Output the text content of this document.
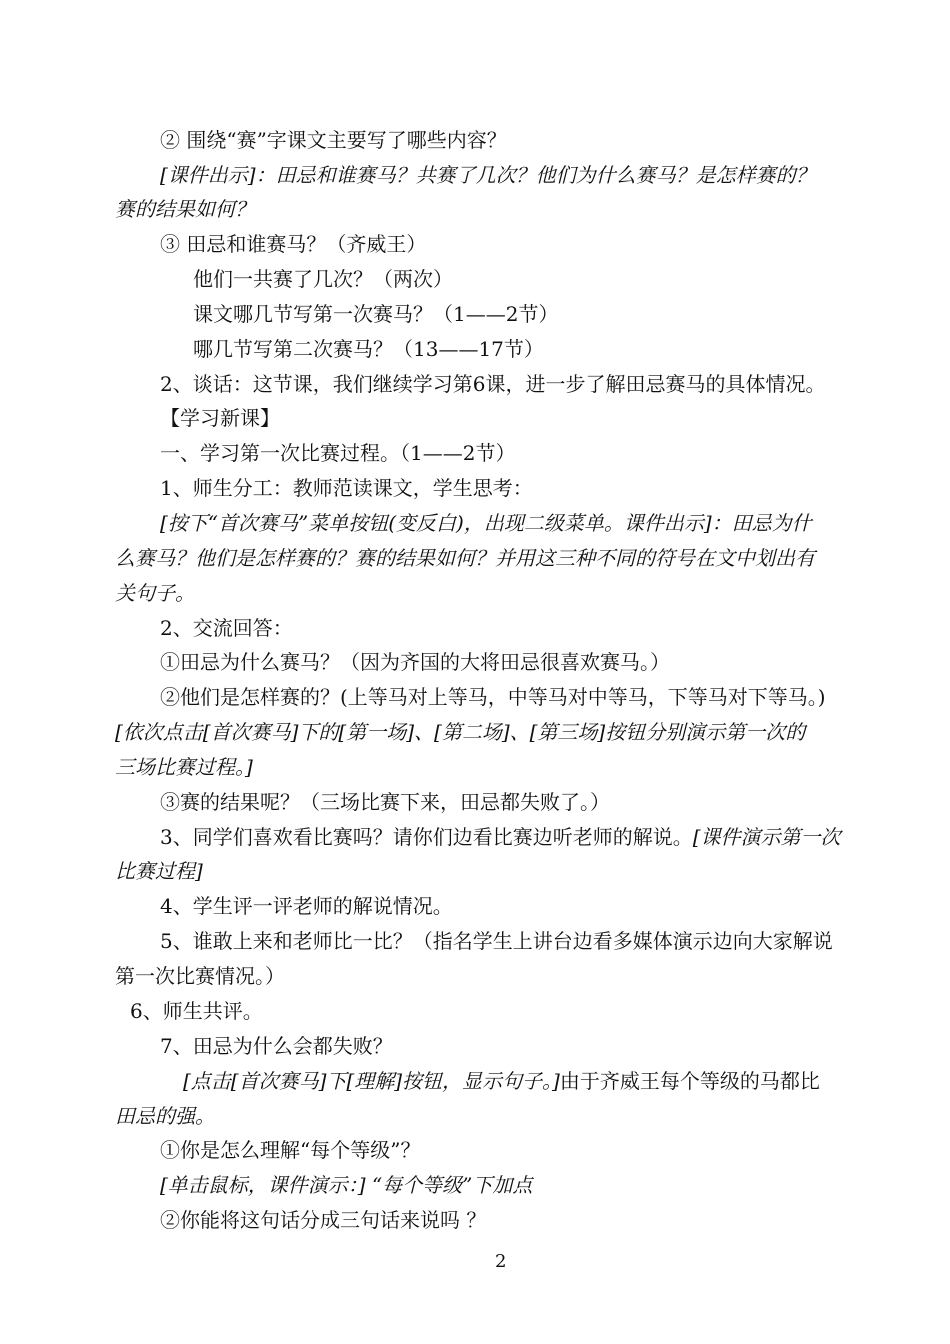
② 围绕“赛”字课文主要写了哪些内容？
[课件出示]：田忌和谁赛马？共赛了几次？他们为什么赛马？是怎样赛的？
赛的结果如何？
③ 田忌和谁赛马？（齐威王）
他们一共赛了几次？（两次）
课文哪几节写第一次赛马？（1——2节）
哪几节写第二次赛马？（13——17节）
2、谈话：这节课，我们继续学习第6课，进一步了解田忌赛马的具体情况。
【学习新课】
一、学习第一次比赛过程。（1——2节）
1、师生分工：教师范读课文，学生思考：
[按下“首次赛马”菜单按钮(变反白)，出现二级菜单。课件出示]：田忌为什
么赛马？他们是怎样赛的？赛的结果如何？并用这三种不同的符号在文中划出有
关句子。
2、交流回答：
①田忌为什么赛马？（因为齐国的大将田忌很喜欢赛马。）
②他们是怎样赛的？(上等马对上等马，中等马对中等马，下等马对下等马。)
[依次点击[首次赛马]下的[第一场]、[第二场]、[第三场]按钮分别演示第一次的
三场比赛过程。]
③赛的结果呢？（三场比赛下来，田忌都失败了。）
3、同学们喜欢看比赛吗？请你们边看比赛边听老师的解说。[课件演示第一次
比赛过程]
4、学生评一评老师的解说情况。
5、谁敢上来和老师比一比？（指名学生上讲台边看多媒体演示边向大家解说
第一次比赛情况。）
6、师生共评。
7、田忌为什么会都失败？
[点击[首次赛马]下[理解]按钮，显示句子。]由于齐威王每个等级的马都比
田忌的强。
①你是怎么理解“每个等级”？
[单击鼠标，课件演示：] “每个等级”下加点
②你能将这句话分成三句话来说吗 ？
2
